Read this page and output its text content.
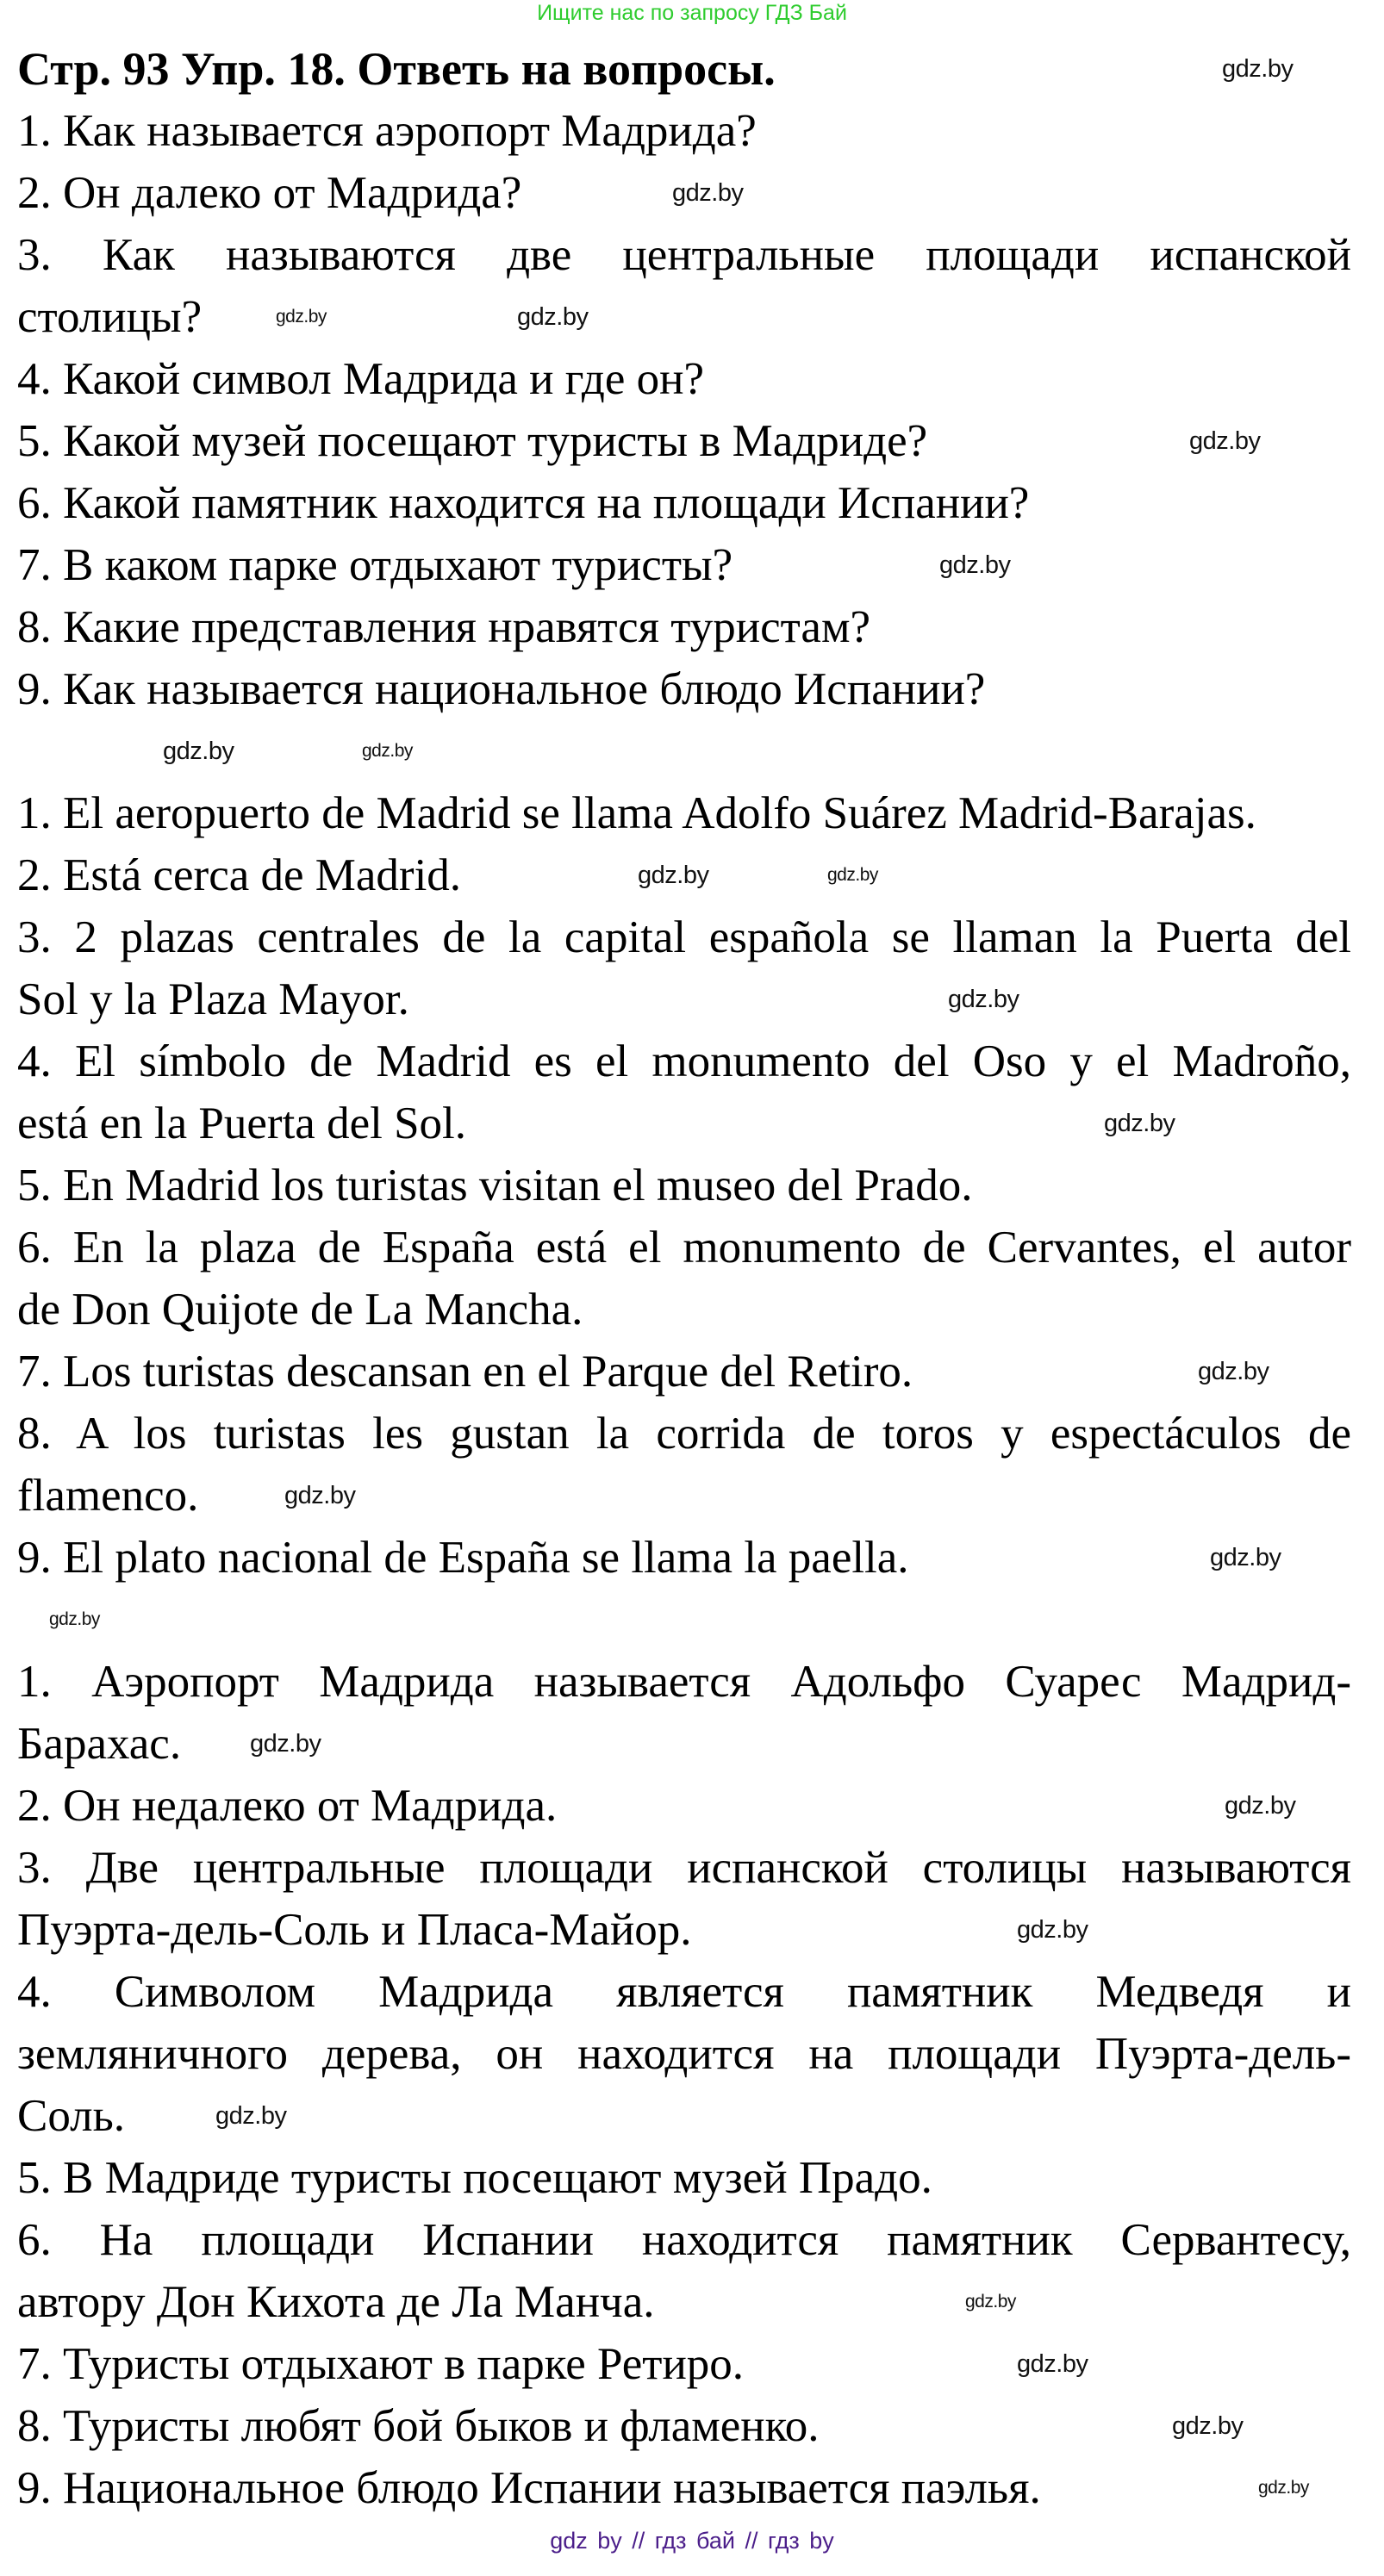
Ищите нас по запросу ГДЗ Бай
Стр. 93 Упр. 18. Ответь на вопросы.
1. Как называется аэропорт Мадрида?
2. Он далеко от Мадрида?
3. Как называются две центральные площади испанской
столицы?
4. Какой символ Мадрида и где он?
5. Какой музей посещают туристы в Мадриде?
6. Какой памятник находится на площади Испании?
7. В каком парке отдыхают туристы?
8. Какие представления нравятся туристам?
9. Как называется национальное блюдо Испании?
1. El aeropuerto de Madrid se llama Adolfo Suárez Madrid-Barajas.
2. Está cerca de Madrid.
3. 2 plazas centrales de la capital española se llaman la Puerta del
Sol y la Plaza Mayor.
4. El símbolo de Madrid es el monumento del Oso y el Madroño,
está en la Puerta del Sol.
5. En Madrid los turistas visitan el museo del Prado.
6. En la plaza de España está el monumento de Cervantes, el autor
de Don Quijote de La Mancha.
7. Los turistas descansan en el Parque del Retiro.
8. A los turistas les gustan la corrida de toros y espectáculos de
flamenco.
9. El plato nacional de España se llama la paella.
1. Аэропорт Мадрида называется Адольфо Суарес Мадрид-
Барахас.
2. Он недалеко от Мадрида.
3. Две центральные площади испанской столицы называются
Пуэрта-дель-Соль и Пласа-Майор.
4. Символом Мадрида является памятник Медведя и
земляничного дерева, он находится на площади Пуэрта-дель-
Соль.
5. В Мадриде туристы посещают музей Прадо.
6. На площади Испании находится памятник Сервантесу,
автору Дон Кихота де Ла Манча.
7. Туристы отдыхают в парке Ретиро.
8. Туристы любят бой быков и фламенко.
9. Национальное блюдо Испании называется паэлья.
gdz.by
gdz.by
gdz.by	gdz.by
gdz.by
gdz.by
gdz.by
gdz.by
gdz.by	gdz.by
gdz.by
gdz.by
gdz.by
gdz.by
gdz.by
gdz.by
gdz.by
gdz.by
gdz.by
gdz.by
gdz.by
gdz.by
gdz.by
gdz.by
gdz by // гдз бай // гдз by
